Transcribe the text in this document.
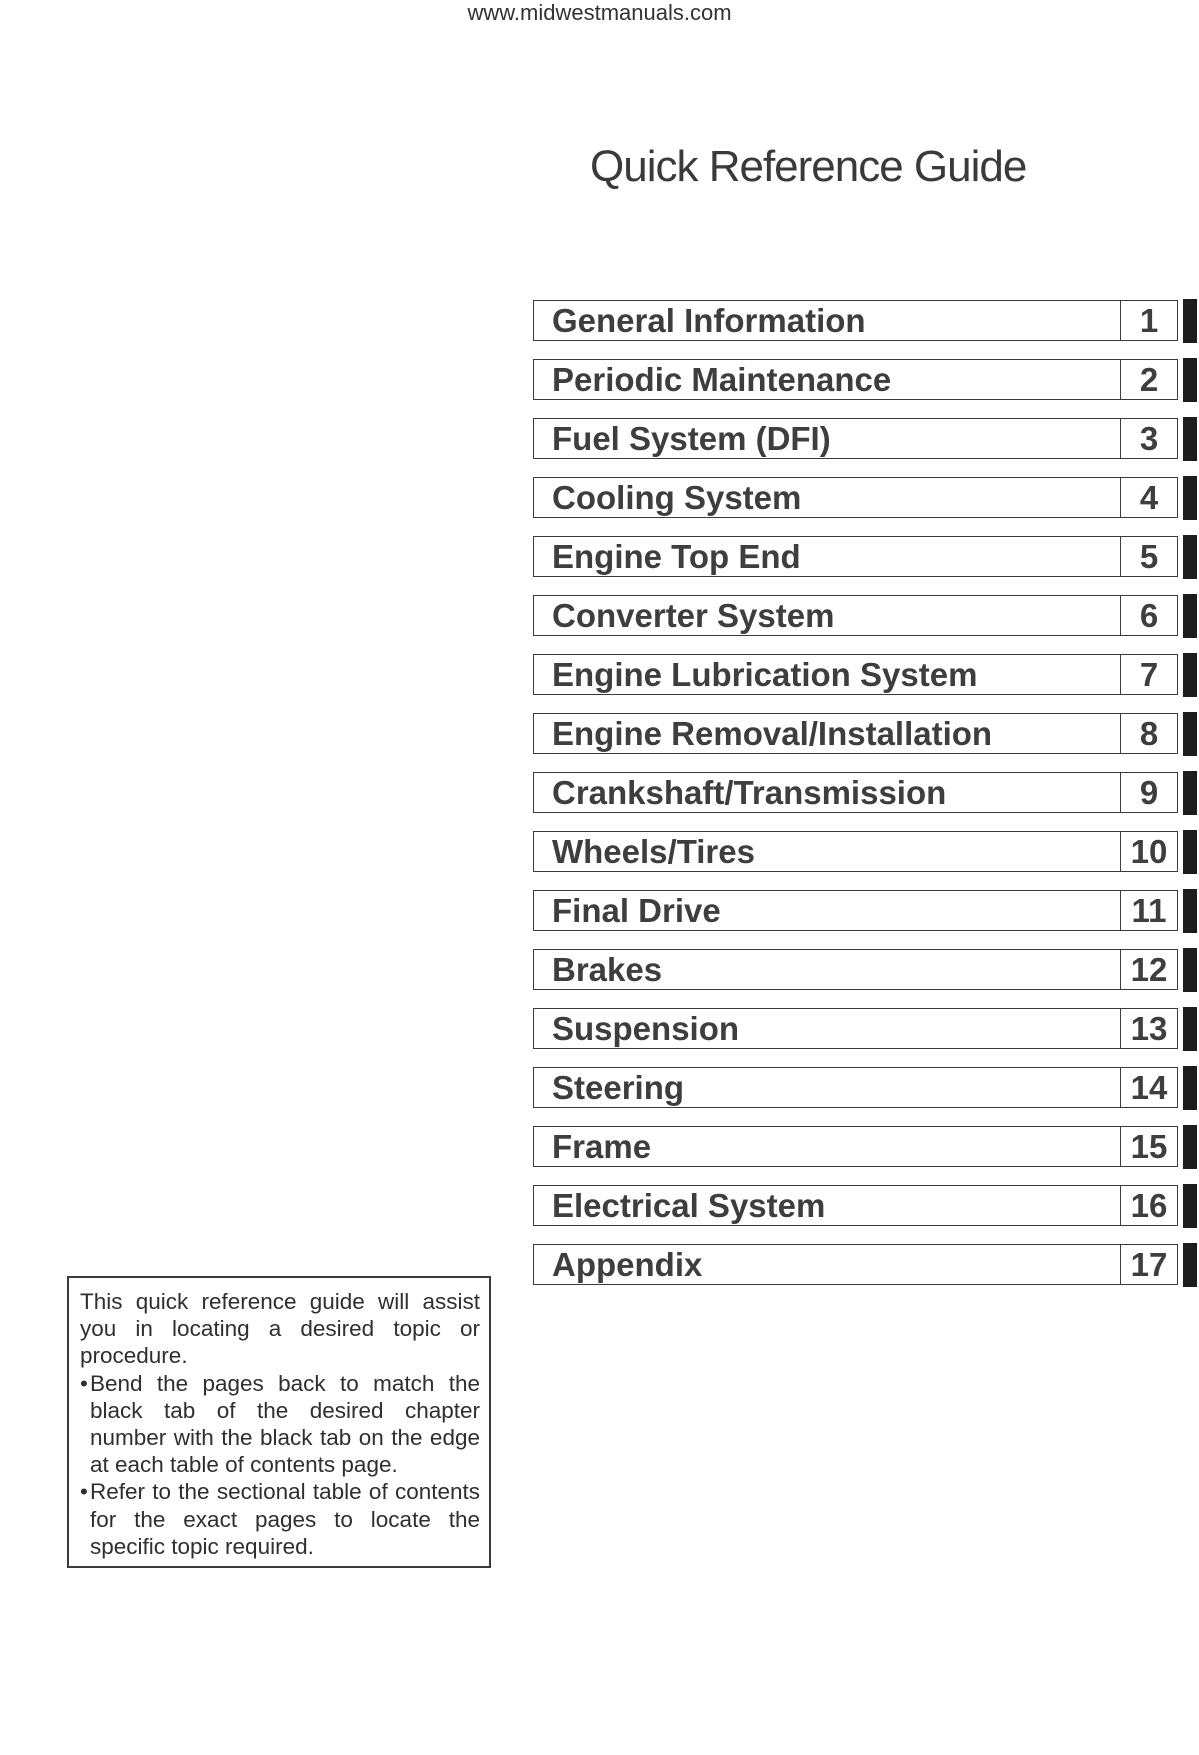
www.midwestmanuals.com
Quick Reference Guide
General Information	1
Periodic Maintenance	2
Fuel System (DFI)	3
Cooling System	4
Engine Top End	5
Converter System	6
Engine Lubrication System	7
Engine Removal/Installation	8
Crankshaft/Transmission	9
Wheels/Tires	10
Final Drive	11
Brakes	12
Suspension	13
Steering	14
Frame	15
Electrical System	16
Appendix	17

This quick reference guide will assist you in locating a desired topic or procedure.

• Bend the pages back to match the black tab of the desired chapter number with the black tab on the edge at each table of contents page.

• Refer to the sectional table of contents for the exact pages to locate the specific topic required.
